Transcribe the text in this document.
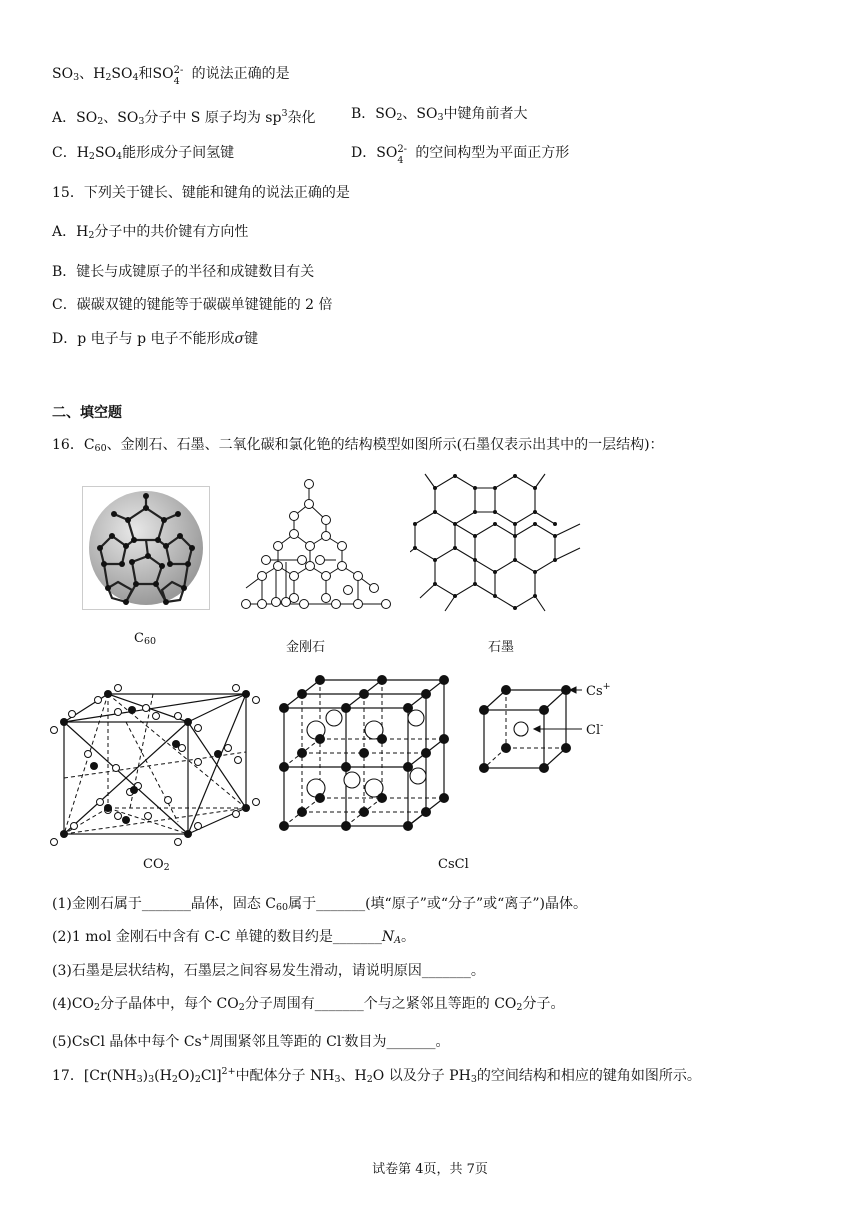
$SO_3$、$H_2SO_4$和SO 2-
4 的说法正确的是
A．$SO_2$、$SO_3$分子中 S 原子均为 $sp^3$杂化	B．$SO_2$、$SO_3$中键角前者大
C．$H_2SO_4$能形成分子间氢键	D．SO 2-
4 的空间构型为平面正方形
15．下列关于键长、键能和键角的说法正确的是
A．$H_2$分子中的共价键有方向性
B．键长与成键原子的半径和成键数目有关
C．碳碳双键的键能等于碳碳单键键能的 2 倍
D．p 电子与 p 电子不能形成σ键
二、填空题
16．$C_{60}$、金刚石、石墨、二氧化碳和氯化铯的结构模型如图所示(石墨仅表示出其中的一层结构)：
$C_{60}$	金刚石	石墨
$CO_2$	CsCl
Cs+
Cl-
(1)金刚石属于_______晶体，固态 $C_{60}$属于_______(填“原子”或“分子”或“离子”)晶体。
(2)1 mol 金刚石中含有 C-C 单键的数目约是$\_\_\_\_\_\_\_N_A$。
(3)石墨是层状结构，石墨层之间容易发生滑动，请说明原因_______。
$(4)CO_2$分子晶体中，每个 $CO_2$分子周围有_______个与之紧邻且等距的 $CO_2$分子。
(5)CsCl 晶体中每个 Cs+周围紧邻且等距的 Cl-数目为_______。
17．$[Cr(NH_3)_3(H_2O)_2Cl]^{2+}$中配体分子 $NH_3$、$H_2O$ 以及分子 $PH_3$的空间结构和相应的键角如图所示。
试卷第 4页，共 7页
